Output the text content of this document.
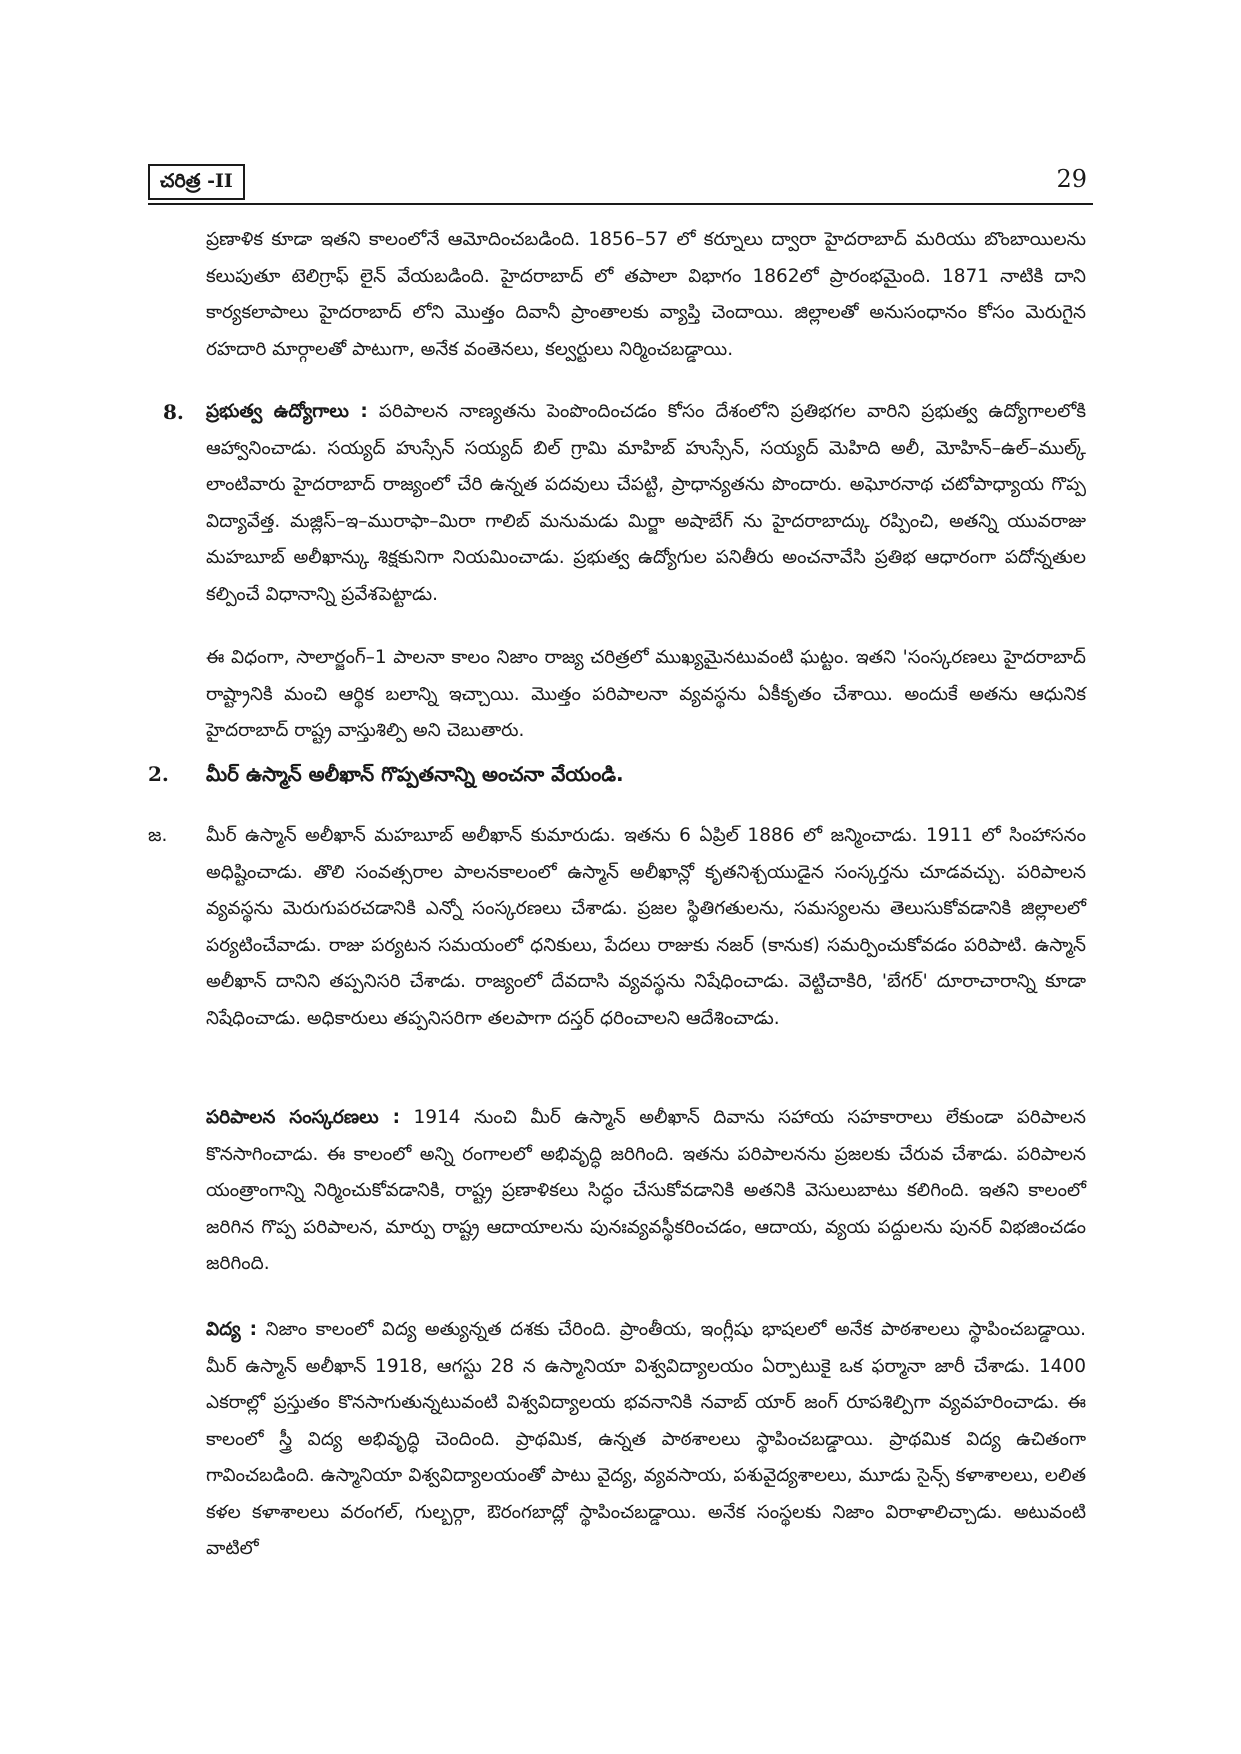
చరిత్ర -II	29

ప్రణాళిక కూడా ఇతని కాలంలోనే ఆమోదించబడింది. 1856–57 లో కర్నూలు ద్వారా హైదరాబాద్ మరియు బొంబాయిలను కలుపుతూ టెలిగ్రాఫ్ లైన్ వేయబడింది. హైదరాబాద్ లో తపాలా విభాగం 1862లో ప్రారంభమైంది. 1871 నాటికి దాని కార్యకలాపాలు హైదరాబాద్ లోని మొత్తం దివానీ ప్రాంతాలకు వ్యాప్తి చెందాయి. జిల్లాలతో అనుసంధానం కోసం మెరుగైన రహదారి మార్గాలతో పాటుగా, అనేక వంతెనలు, కల్వర్టులు నిర్మించబడ్డాయి.

8. ప్రభుత్వ ఉద్యోగాలు : పరిపాలన నాణ్యతను పెంపొందించడం కోసం దేశంలోని ప్రతిభగల వారిని ప్రభుత్వ ఉద్యోగాలలోకి ఆహ్వానించాడు. సయ్యద్ హుస్సేన్ సయ్యద్ బిల్ గ్రామి మాహిబ్ హుస్సేన్, సయ్యద్ మెహిది అలీ, మోహిన్–ఉల్–ముల్క్ లాంటివారు హైదరాబాద్ రాజ్యంలో చేరి ఉన్నత పదవులు చేపట్టి, ప్రాధాన్యతను పొందారు. అఘోరనాథ చటోపాధ్యాయ గొప్ప విద్యావేత్త. మజ్లిస్–ఇ–మురాఫా–మిరా గాలిబ్ మనుమడు మిర్జా అషాబేగ్ ను హైదరాబాద్కు రప్పించి, అతన్ని యువరాజు మహబూబ్ అలీఖాన్కు శిక్షకునిగా నియమించాడు. ప్రభుత్వ ఉద్యోగుల పనితీరు అంచనావేసి ప్రతిభ ఆధారంగా పదోన్నతుల కల్పించే విధానాన్ని ప్రవేశపెట్టాడు.

ఈ విధంగా, సాలార్జంగ్–1 పాలనా కాలం నిజాం రాజ్య చరిత్రలో ముఖ్యమైనటువంటి ఘట్టం. ఇతని 'సంస్కరణలు హైదరాబాద్ రాష్ట్రానికి మంచి ఆర్థిక బలాన్ని ఇచ్చాయి. మొత్తం పరిపాలనా వ్యవస్థను ఏకీకృతం చేశాయి. అందుకే అతను ఆధునిక హైదరాబాద్ రాష్ట్ర వాస్తుశిల్పి అని చెబుతారు.

2. మీర్ ఉస్మాన్ అలీఖాన్ గొప్పతనాన్ని అంచనా వేయండి.
జ. మీర్ ఉస్మాన్ అలీఖాన్ మహబూబ్ అలీఖాన్ కుమారుడు. ఇతను 6 ఏప్రిల్ 1886 లో జన్మించాడు. 1911 లో సింహాసనం అధిష్టించాడు. తొలి సంవత్సరాల పాలనకాలంలో ఉస్మాన్ అలీఖాన్లో కృతనిశ్చయుడైన సంస్కర్తను చూడవచ్చు. పరిపాలన వ్యవస్థను మెరుగుపరచడానికి ఎన్నో సంస్కరణలు చేశాడు. ప్రజల స్థితిగతులను, సమస్యలను తెలుసుకోవడానికి జిల్లాలలో పర్యటించేవాడు. రాజు పర్యటన సమయంలో ధనికులు, పేదలు రాజుకు నజర్ (కానుక) సమర్పించుకోవడం పరిపాటి. ఉస్మాన్ అలీఖాన్ దానిని తప్పనిసరి చేశాడు. రాజ్యంలో దేవదాసి వ్యవస్థను నిషేధించాడు. వెట్టిచాకిరి, 'బేగర్' దూరాచారాన్ని కూడా నిషేధించాడు. అధికారులు తప్పనిసరిగా తలపాగా దస్తర్ ధరించాలని ఆదేశించాడు.

పరిపాలన సంస్కరణలు : 1914 నుంచి మీర్ ఉస్మాన్ అలీఖాన్ దివాను సహాయ సహకారాలు లేకుండా పరిపాలన కొనసాగించాడు. ఈ కాలంలో అన్ని రంగాలలో అభివృద్ధి జరిగింది. ఇతను పరిపాలనను ప్రజలకు చేరువ చేశాడు. పరిపాలన యంత్రాంగాన్ని నిర్మించుకోవడానికి, రాష్ట్ర ప్రణాళికలు సిద్ధం చేసుకోవడానికి అతనికి వెసులుబాటు కలిగింది. ఇతని కాలంలో జరిగిన గొప్ప పరిపాలన, మార్పు రాష్ట్ర ఆదాయాలను పునఃవ్యవస్థీకరించడం, ఆదాయ, వ్యయ పద్దులను పునర్ విభజించడం జరిగింది.

విద్య : నిజాం కాలంలో విద్య అత్యున్నత దశకు చేరింది. ప్రాంతీయ, ఇంగ్లీషు భాషలలో అనేక పాఠశాలలు స్థాపించబడ్డాయి. మీర్ ఉస్మాన్ అలీఖాన్ 1918, ఆగస్టు 28 న ఉస్మానియా విశ్వవిద్యాలయం ఏర్పాటుకై ఒక ఫర్మానా జారీ చేశాడు. 1400 ఎకరాల్లో ప్రస్తుతం కొనసాగుతున్నటువంటి విశ్వవిద్యాలయ భవనానికి నవాబ్ యార్ జంగ్ రూపశిల్పిగా వ్యవహరించాడు. ఈ కాలంలో స్త్రీ విద్య అభివృద్ధి చెందింది. ప్రాథమిక, ఉన్నత పాఠశాలలు స్థాపించబడ్డాయి. ప్రాథమిక విద్య ఉచితంగా గావించబడింది. ఉస్మానియా విశ్వవిద్యాలయంతో పాటు వైద్య, వ్యవసాయ, పశువైద్యశాలలు, మూడు సైన్స్ కళాశాలలు, లలిత కళల కళాశాలలు వరంగల్, గుల్బర్గా, ఔరంగబాద్లో స్థాపించబడ్డాయి. అనేక సంస్థలకు నిజాం విరాళాలిచ్చాడు. అటువంటి వాటిలో
